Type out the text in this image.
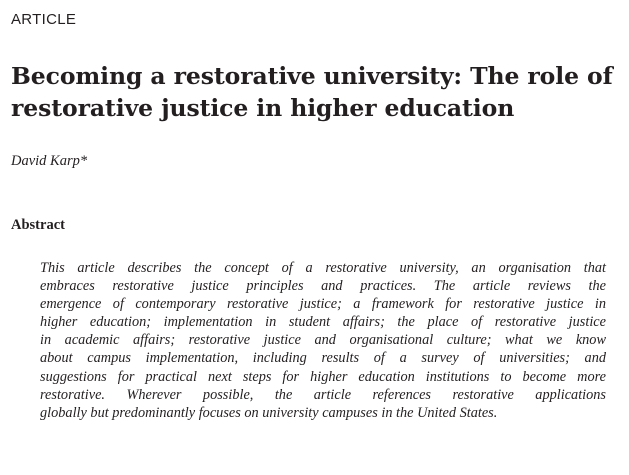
ARTICLE
Becoming a restorative university: The role of
restorative justice in higher education
David Karp*
Abstract
This article describes the concept of a restorative university, an organisation that
embraces restorative justice principles and practices. The article reviews the
emergence of contemporary restorative justice; a framework for restorative justice in
higher education; implementation in student affairs; the place of restorative justice
in academic affairs; restorative justice and organisational culture; what we know
about campus implementation, including results of a survey of universities; and
suggestions for practical next steps for higher education institutions to become more
restorative. Wherever possible, the article references restorative applications
globally but predominantly focuses on university campuses in the United States.
